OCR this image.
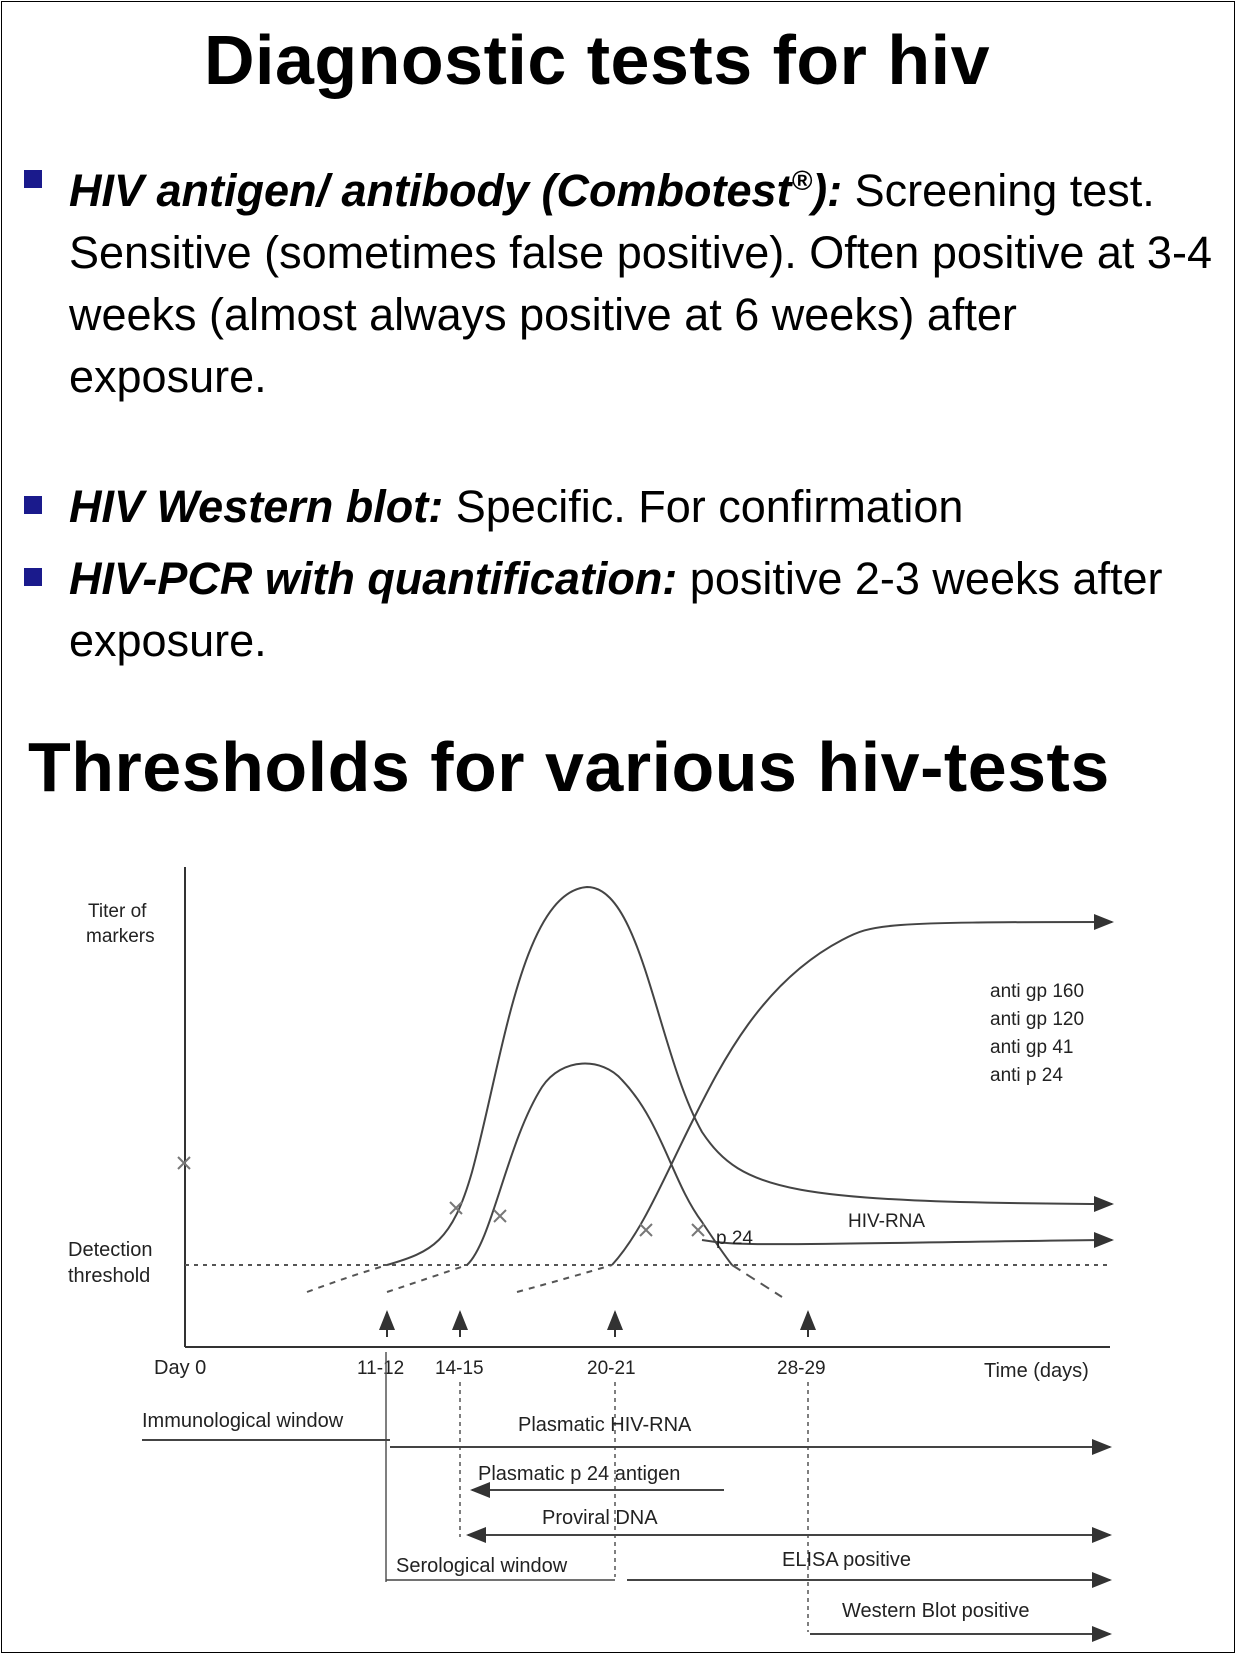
Diagnostic tests for hiv
HIV antigen/ antibody (Combotest®): Screening test. Sensitive (sometimes false positive). Often positive at 3-4 weeks (almost always positive at 6 weeks) after exposure.
HIV Western blot: Specific. For confirmation
HIV-PCR with quantification: positive 2-3 weeks after exposure.
Thresholds for various hiv-tests
Titer of
markers
Detection
threshold
p 24
HIV-RNA
anti gp 160
anti gp 120
anti gp 41
anti p 24
Day 0	11-12 14-15	20-21	28-29	Time (days)
Immunological window	Plasmatic HIV-RNA
Plasmatic p 24 antigen
Proviral DNA
Serological window	ELISA positive
Western Blot positive
